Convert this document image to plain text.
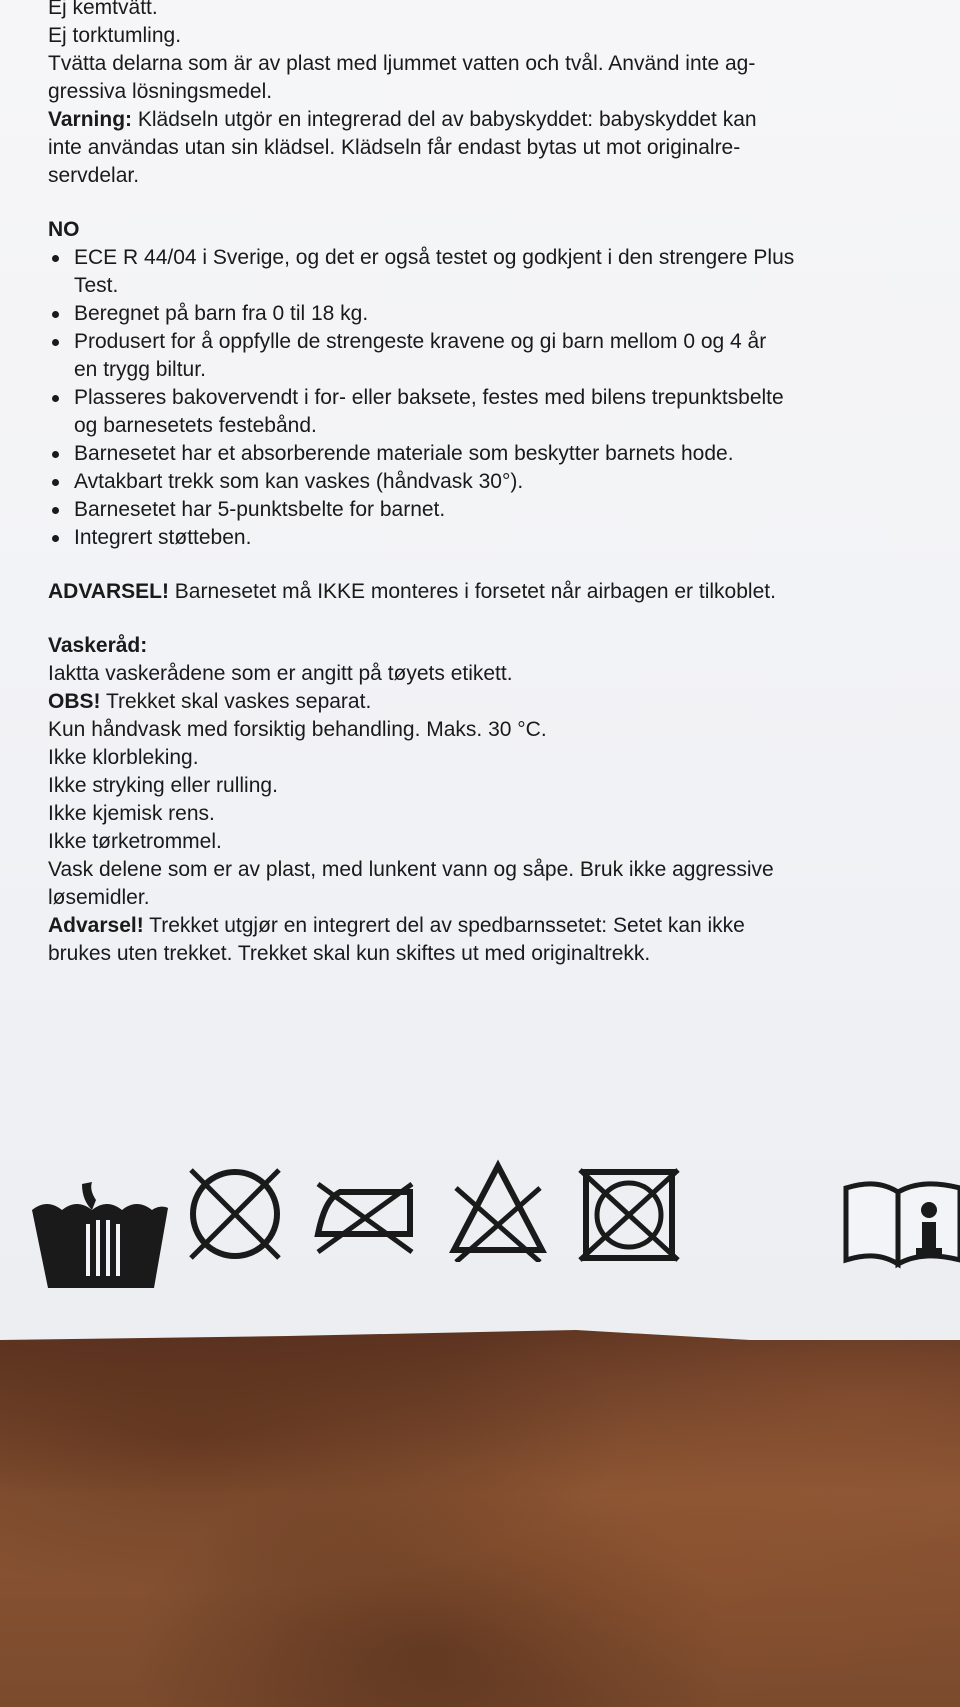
Ej kemtvätt.
Ej torktumling.
Tvätta delarna som är av plast med ljummet vatten och tvål. Använd inte ag-
gressiva lösningsmedel.
Varning: Klädseln utgör en integrerad del av babyskyddet: babyskyddet kan
inte användas utan sin klädsel. Klädseln får endast bytas ut mot originalre-
servdelar.
NO
ECE R 44/04 i Sverige, og det er også testet og godkjent i den strengere Plus
Test.
Beregnet på barn fra 0 til 18 kg.
Produsert for å oppfylle de strengeste kravene og gi barn mellom 0 og 4 år
en trygg biltur.
Plasseres bakovervendt i for- eller baksete, festes med bilens trepunktsbelte
og barnesetets festebånd.
Barnesetet har et absorberende materiale som beskytter barnets hode.
Avtakbart trekk som kan vaskes (håndvask 30°).
Barnesetet har 5-punktsbelte for barnet.
Integrert støtteben.
ADVARSEL! Barnesetet må IKKE monteres i forsetet når airbagen er tilkoblet.
Vaskeråd:
Iaktta vaskerådene som er angitt på tøyets etikett.
OBS! Trekket skal vaskes separat.
Kun håndvask med forsiktig behandling. Maks. 30 °C.
Ikke klorbleking.
Ikke stryking eller rulling.
Ikke kjemisk rens.
Ikke tørketrommel.
Vask delene som er av plast, med lunkent vann og såpe. Bruk ikke aggressive
løsemidler.
Advarsel! Trekket utgjør en integrert del av spedbarnssetet: Setet kan ikke
brukes uten trekket. Trekket skal kun skiftes ut med originaltrekk.
